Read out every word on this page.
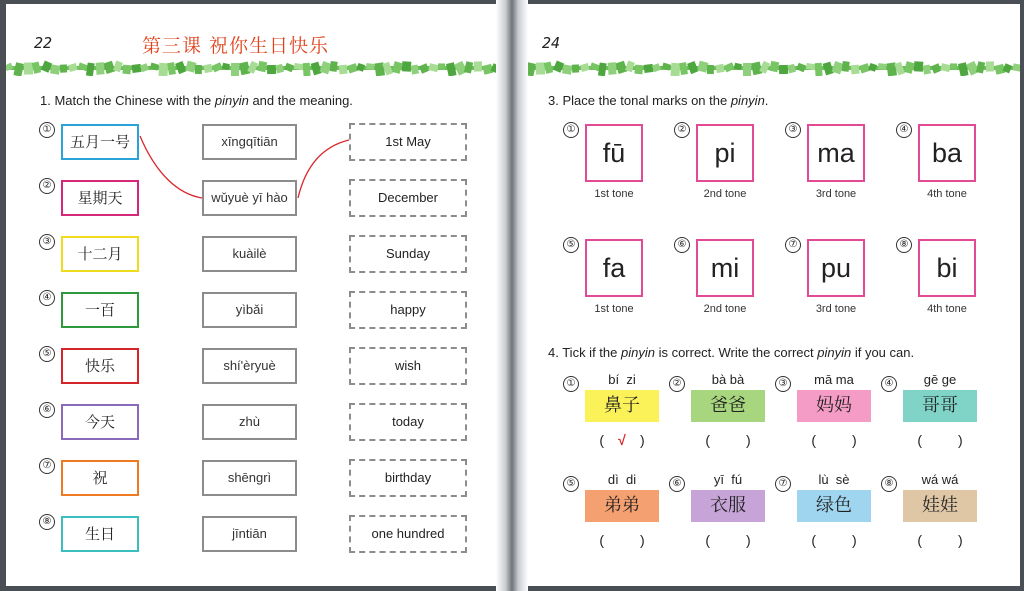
22	第三课 祝你生日快乐
1. Match the Chinese with the pinyin and the meaning.
①
五月一号	xīngqītiān	1st May
②
星期天	wǔyuè yī hào	December
③
十二月	kuàilè	Sunday
④
一百	yìbǎi	happy
⑤
快乐	shí'èryuè	wish
⑥
今天	zhù	today
⑦
祝	shēngrì	birthday
⑧
生日	jīntiān	one hundred
24
3. Place the tonal marks on the pinyin.
①
fū
1st tone
②
pi
2nd tone
③
ma
3rd tone
④
ba
4th tone
⑤
fa
1st tone
⑥
mi
2nd tone
⑦
pu
3rd tone
⑧
bi
4th tone
4. Tick if the pinyin is correct. Write the correct pinyin if you can.
①	bí  zi
鼻子
( √ )
②	bà bà
爸爸
(	)
③	mā ma
妈妈
(	)
④	gē ge
哥哥
(	)
⑤	dì  di
弟弟
(	)
⑥	yī  fú
衣服
(	)
⑦	lù  sè
绿色
(	)
⑧	wá wá
娃娃
(	)
